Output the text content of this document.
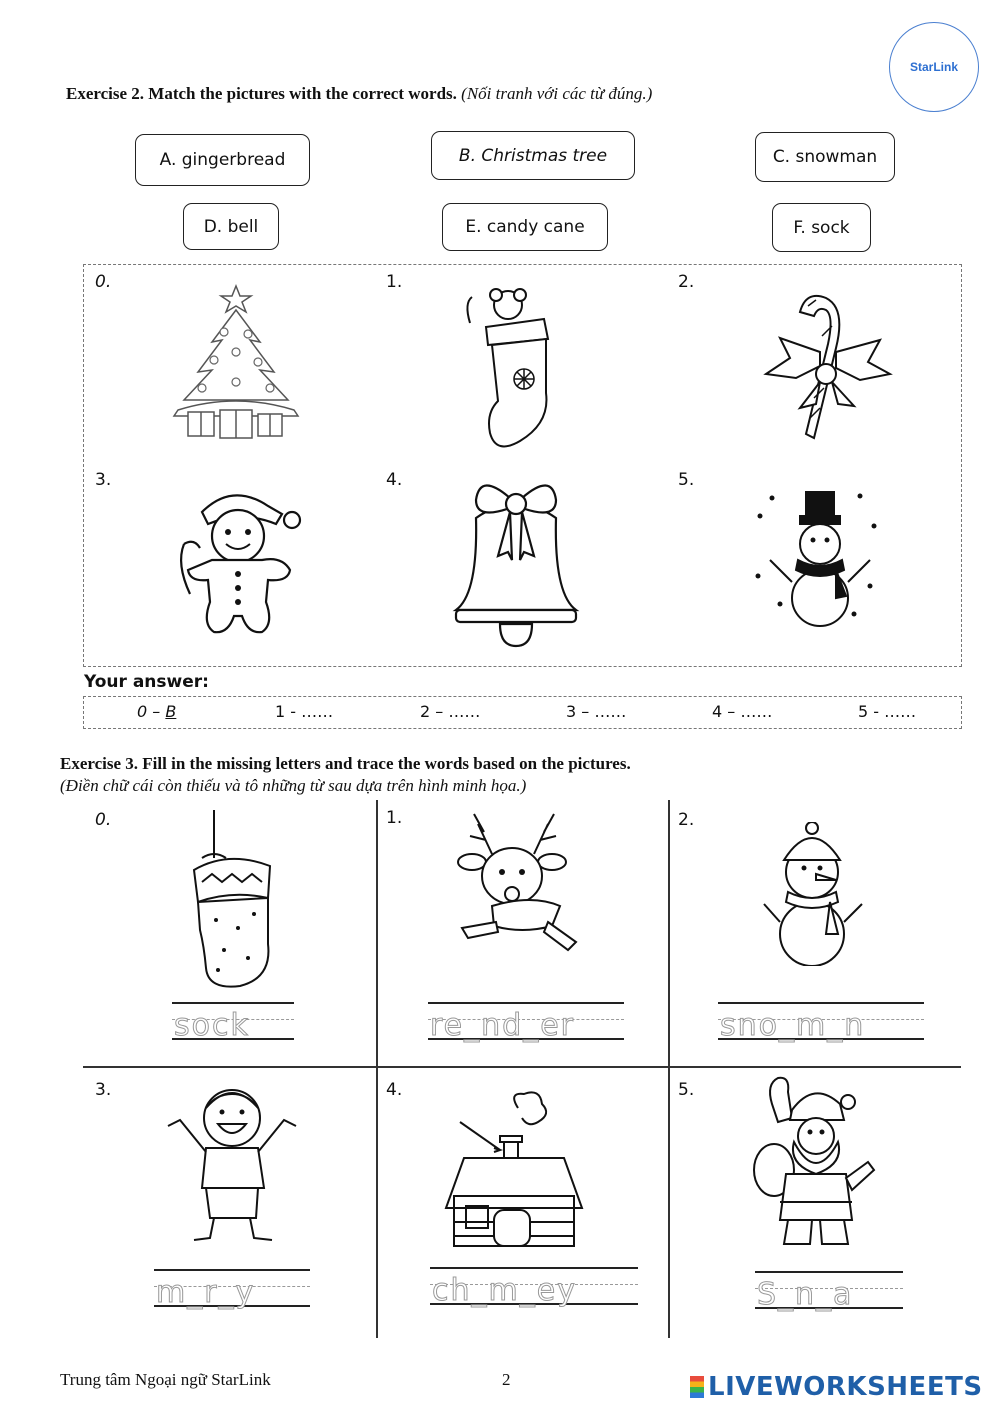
StarLink
Exercise 2. Match the pictures with the correct words. (Nối tranh với các từ đúng.)
A. gingerbread	B. Christmas tree	C. snowman
D. bell	E. candy cane	F. sock
0.	1.	2.
3.	4.	5.
Your answer:
0 – B	1 - ……	2 – ……	3 – ……	4 – ……	5 - ……
Exercise 3. Fill in the missing letters and trace the words based on the pictures.
(Điền chữ cái còn thiếu và tô những từ sau dựa trên hình minh họa.)
0.	1.	2.
3.	4.	5.
sock	re_nd_er	sno_m_n
m_r_y	ch_m_ey	S_n_a
Trung tâm Ngoại ngữ StarLink	2	LIVEWORKSHEETS
